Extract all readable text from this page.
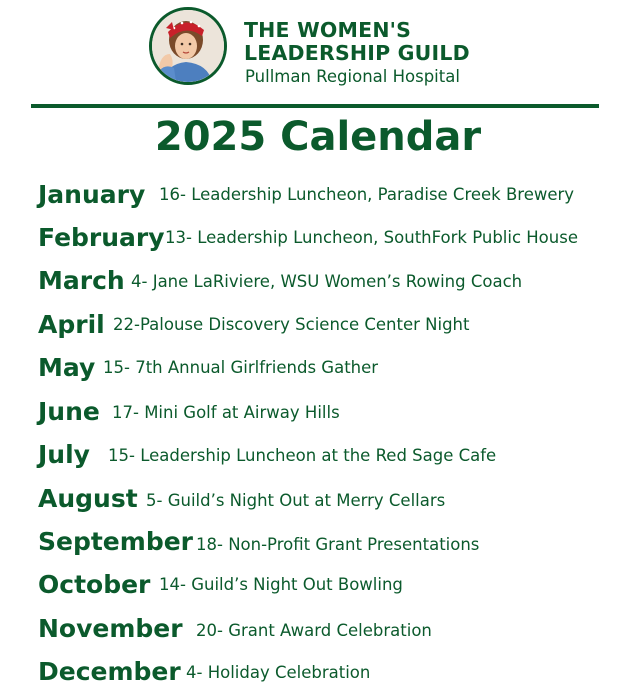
THE WOMEN'S
LEADERSHIP GUILD
Pullman Regional Hospital
2025 Calendar
January 16- Leadership Luncheon, Paradise Creek Brewery
February 13- Leadership Luncheon, SouthFork Public House
March 4- Jane LaRiviere, WSU Women’s Rowing Coach
April 22-Palouse Discovery Science Center Night
May 15- 7th Annual Girlfriends Gather
June 17- Mini Golf at Airway Hills
July 15- Leadership Luncheon at the Red Sage Cafe
August 5- Guild’s Night Out at Merry Cellars
September 18- Non-Profit Grant Presentations
October 14- Guild’s Night Out Bowling
November 20- Grant Award Celebration
December 4- Holiday Celebration
